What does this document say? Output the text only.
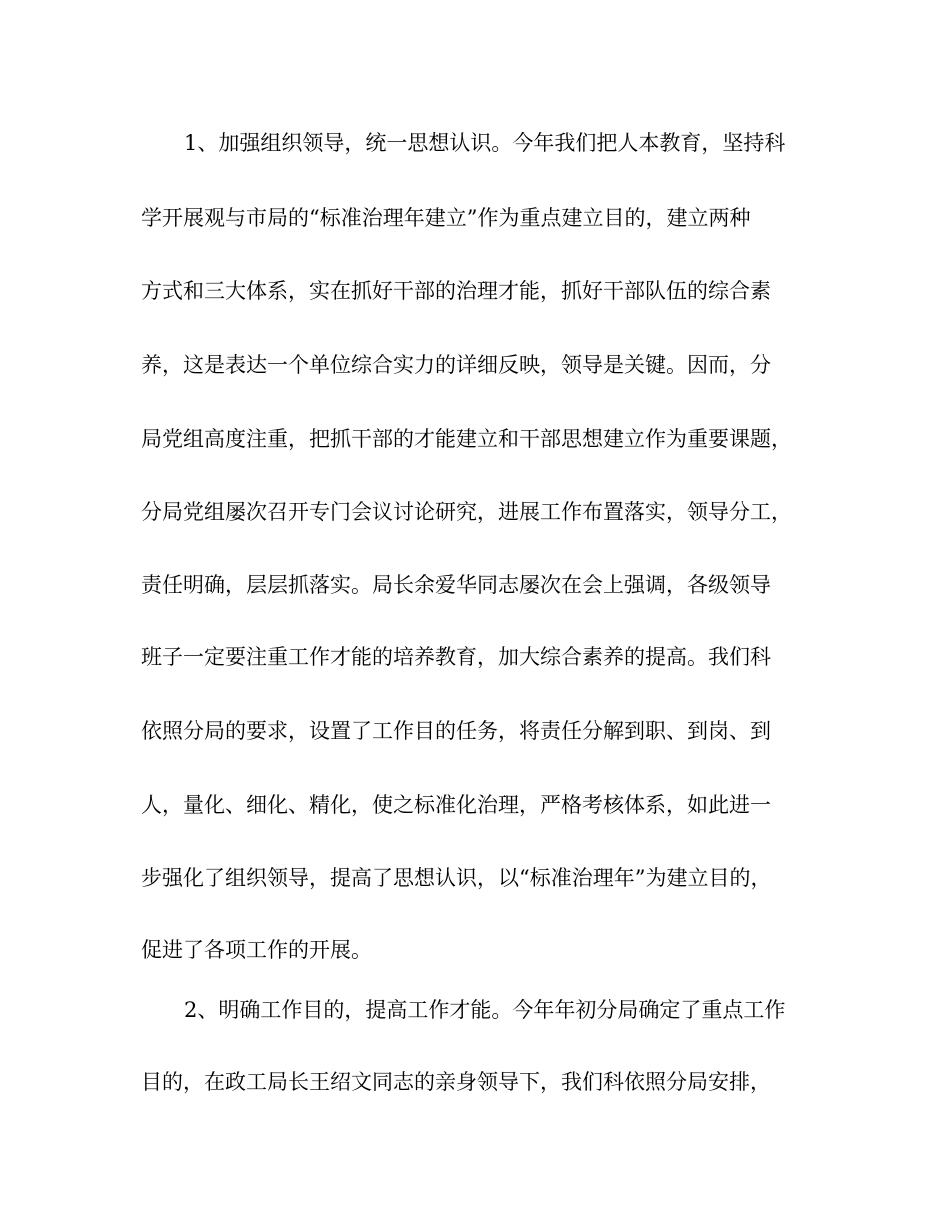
1、加强组织领导，统一思想认识。今年我们把人本教育，坚持科

学开展观与市局的“标准治理年建立”作为重点建立目的，建立两种

方式和三大体系，实在抓好干部的治理才能，抓好干部队伍的综合素

养，这是表达一个单位综合实力的详细反映，领导是关键。因而，分

局党组高度注重，把抓干部的才能建立和干部思想建立作为重要课题，

分局党组屡次召开专门会议讨论研究，进展工作布置落实，领导分工，

责任明确，层层抓落实。局长余爱华同志屡次在会上强调，各级领导

班子一定要注重工作才能的培养教育，加大综合素养的提高。我们科

依照分局的要求，设置了工作目的任务，将责任分解到职、到岗、到

人，量化、细化、精化，使之标准化治理，严格考核体系，如此进一

步强化了组织领导，提高了思想认识，以“标准治理年”为建立目的，

促进了各项工作的开展。

2、明确工作目的，提高工作才能。今年年初分局确定了重点工作

目的，在政工局长王绍文同志的亲身领导下，我们科依照分局安排，
